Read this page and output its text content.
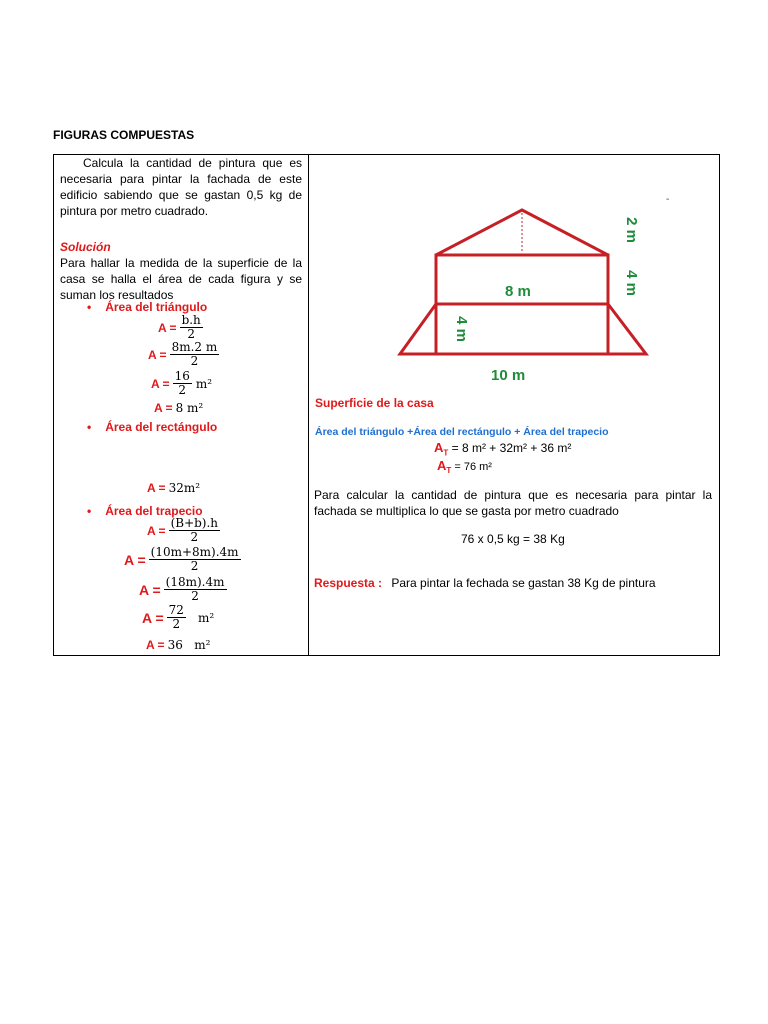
FIGURAS COMPUESTAS
Calcula la cantidad de pintura que es necesaria para pintar la fachada de este edificio sabiendo que se gastan 0,5 kg de pintura por metro cuadrado.
Solución
Para hallar la medida de la superficie de la casa se halla el área de cada figura y se suman los resultados
• Área del triángulo
$A = \frac{b.h}{2}$
$A = \frac{8m.2 m}{2}$
$A = \frac{16}{2} m^2$
A = 8 m²
• Área del rectángulo
A = 32m²
• Área del trapecio
$A = \frac{(B+b).h}{2}$
$A = \frac{(10m+8m).4m}{2}$
$A = \frac{(18m).4m}{2}$
$A = \frac{72}{2} m^2$
A = 36   m²
8 m
10 m
2 m
4 m
4 m
-
Superficie de la casa
Área del triángulo +Área del rectángulo + Área del trapecio
$A_T = 8$ m² + 32m² + 36 m²
$A_T = 76$ m²
Para calcular la cantidad de pintura que es necesaria para pintar la fachada se multiplica lo que se gasta por metro cuadrado
76 x 0,5 kg = 38 Kg
Respuesta : Para pintar la fechada se gastan 38 Kg de pintura
